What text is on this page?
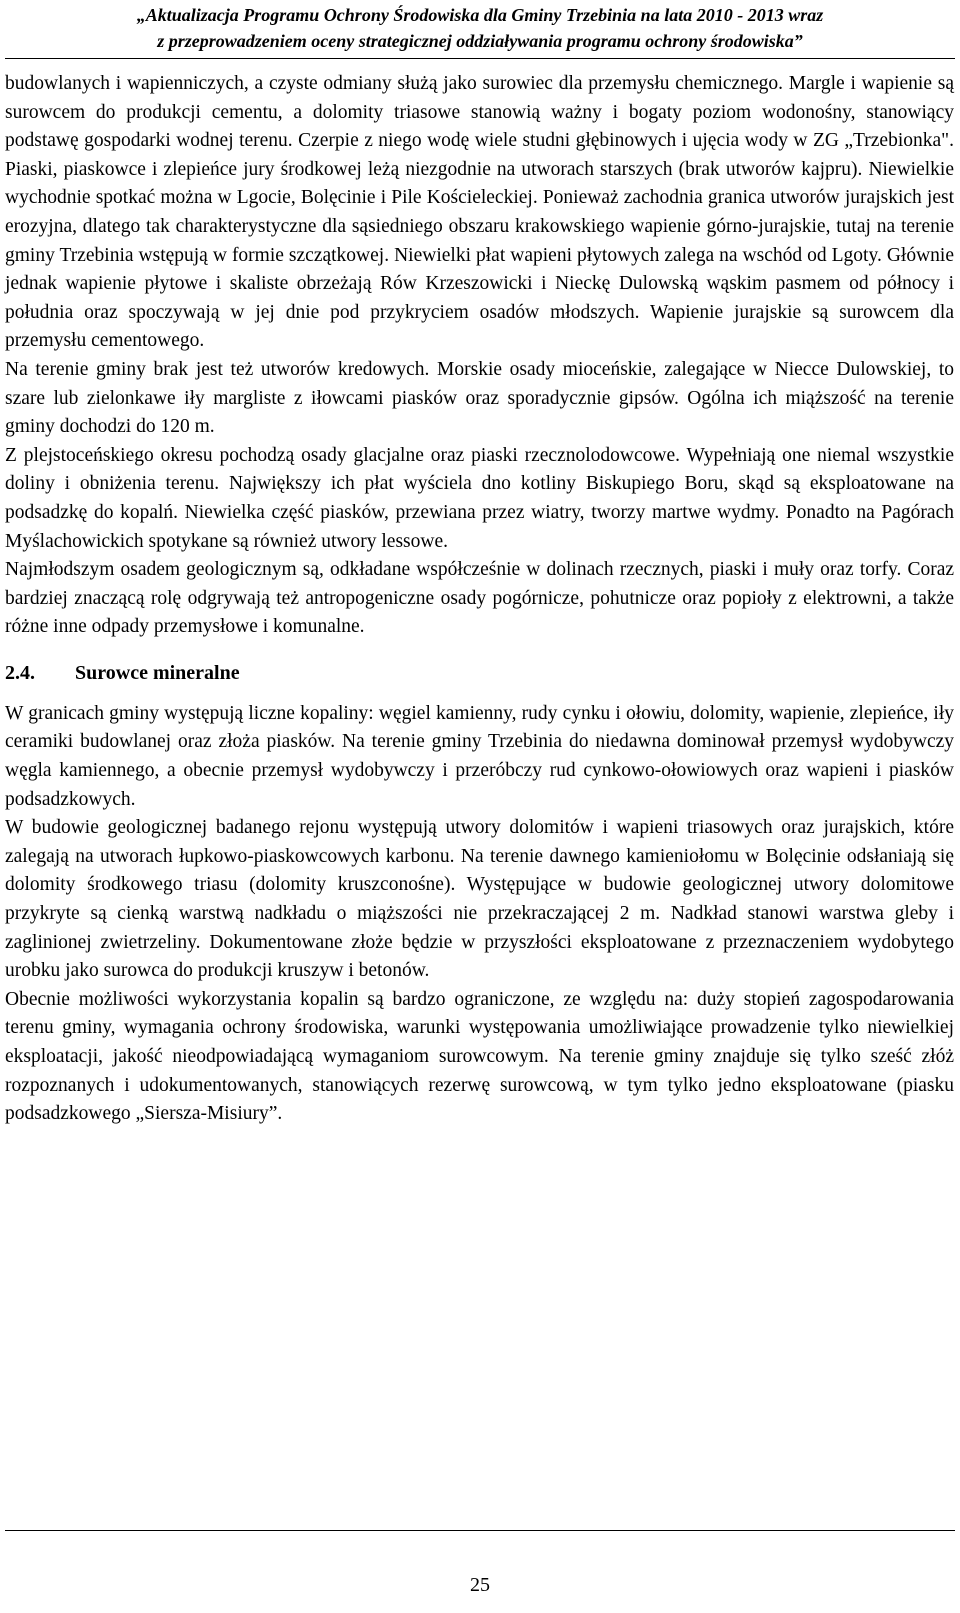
„Aktualizacja Programu Ochrony Środowiska dla Gminy Trzebinia na lata 2010 - 2013 wraz
z przeprowadzeniem oceny strategicznej oddziaływania programu ochrony środowiska”

budowlanych i wapienniczych, a czyste odmiany służą jako surowiec dla przemysłu chemicznego. Margle i wapienie są surowcem do produkcji cementu, a dolomity triasowe stanowią ważny i bogaty poziom wodonośny, stanowiący podstawę gospodarki wodnej terenu. Czerpie z niego wodę wiele studni głębinowych i ujęcia wody w ZG „Trzebionka". Piaski, piaskowce i zlepieńce jury środkowej leżą niezgodnie na utworach starszych (brak utworów kajpru). Niewielkie wychodnie spotkać można w Lgocie, Bolęcinie i Pile Kościeleckiej. Ponieważ zachodnia granica utworów jurajskich jest erozyjna, dlatego tak charakterystyczne dla sąsiedniego obszaru krakowskiego wapienie górno-jurajskie, tutaj na terenie gminy Trzebinia wstępują w formie szczątkowej. Niewielki płat wapieni płytowych zalega na wschód od Lgoty. Głównie jednak wapienie płytowe i skaliste obrzeżają Rów Krzeszowicki i Nieckę Dulowską wąskim pasmem od północy i południa oraz spoczywają w jej dnie pod przykryciem osadów młodszych. Wapienie jurajskie są surowcem dla przemysłu cementowego.

Na terenie gminy brak jest też utworów kredowych. Morskie osady mioceńskie, zalegające w Niecce Dulowskiej, to szare lub zielonkawe iły margliste z iłowcami piasków oraz sporadycznie gipsów. Ogólna ich miąższość na terenie gminy dochodzi do 120 m.

Z plejstoceńskiego okresu pochodzą osady glacjalne oraz piaski rzecznolodowcowe. Wypełniają one niemal wszystkie doliny i obniżenia terenu. Największy ich płat wyściela dno kotliny Biskupiego Boru, skąd są eksploatowane na podsadzkę do kopalń. Niewielka część piasków, przewiana przez wiatry, tworzy martwe wydmy. Ponadto na Pagórach Myślachowickich spotykane są również utwory lessowe.

Najmłodszym osadem geologicznym są, odkładane współcześnie w dolinach rzecznych, piaski i muły oraz torfy. Coraz bardziej znaczącą rolę odgrywają też antropogeniczne osady pogórnicze, pohutnicze oraz popioły z elektrowni, a także różne inne odpady przemysłowe i komunalne.

2.4. Surowce mineralne

W granicach gminy występują liczne kopaliny: węgiel kamienny, rudy cynku i ołowiu, dolomity, wapienie, zlepieńce, iły ceramiki budowlanej oraz złoża piasków. Na terenie gminy Trzebinia do niedawna dominował przemysł wydobywczy węgla kamiennego, a obecnie przemysł wydobywczy i przeróbczy rud cynkowo-ołowiowych oraz wapieni i piasków podsadzkowych.

W budowie geologicznej badanego rejonu występują utwory dolomitów i wapieni triasowych oraz jurajskich, które zalegają na utworach łupkowo-piaskowcowych karbonu. Na terenie dawnego kamieniołomu w Bolęcinie odsłaniają się dolomity środkowego triasu (dolomity kruszconośne). Występujące w budowie geologicznej utwory dolomitowe przykryte są cienką warstwą nadkładu o miąższości nie przekraczającej 2 m. Nadkład stanowi warstwa gleby i zaglinionej zwietrzeliny. Dokumentowane złoże będzie w przyszłości eksploatowane z przeznaczeniem wydobytego urobku jako surowca do produkcji kruszyw i betonów.

Obecnie możliwości wykorzystania kopalin są bardzo ograniczone, ze względu na: duży stopień zagospodarowania terenu gminy, wymagania ochrony środowiska, warunki występowania umożliwiające prowadzenie tylko niewielkiej eksploatacji, jakość nieodpowiadającą wymaganiom surowcowym. Na terenie gminy znajduje się tylko sześć złóż rozpoznanych i udokumentowanych, stanowiących rezerwę surowcową, w tym tylko jedno eksploatowane (piasku podsadzkowego „Siersza-Misiury”.

25
